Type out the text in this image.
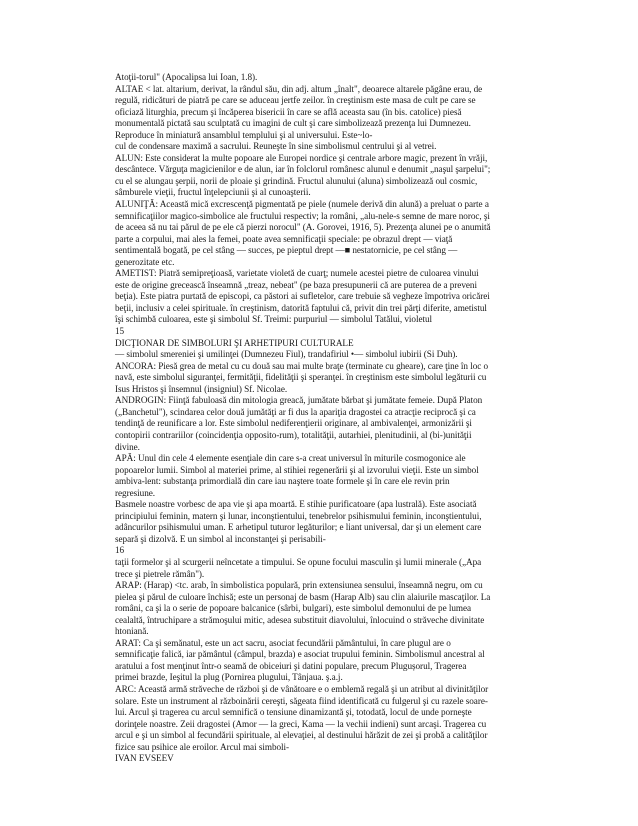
Atoţii-torul" (Apocalipsa lui Ioan, 1.8).

ALTAE < lat. altarium, derivat, la rândul său, din adj. altum „înalt", deoarece altarele păgâne erau, de

regulă, ridicături de piatră pe care se aduceau jertfe zeilor. în creştinism este masa de cult pe care se

oficiază liturghia, precum şi încăperea bisericii în care se află aceasta sau (în bis. catolice) piesă

monumentală pictată sau sculptată cu imagini de cult şi care simbolizează prezenţa lui Dumnezeu.

Reproduce în miniatură ansamblul templului şi al universului. Este~lo-

cul de condensare maximă a sacrului. Reuneşte în sine simbolismul centrului şi al vetrei.

ALUN: Este considerat la multe popoare ale Europei nordice şi centrale arbore magic, prezent în vrăji,

descântece. Vărguţa magicienilor e de alun, iar în folclorul românesc alunul e denumit „naşul şarpelui";

cu el se alungau şerpii, norii de ploaie şi grindină. Fructul alunului (aluna) simbolizează oul cosmic,

sâmburele vieţii, fructul înţelepciunii şi al cunoaşterii.

ALUNIŢĂ: Această mică excrescenţă pigmentată pe piele (numele derivă din alună) a preluat o parte a

semnificaţiilor magico-simbolice ale fructului respectiv; la români, „alu-nele-s semne de mare noroc, şi

de aceea să nu tai părul de pe ele că pierzi norocul" (A. Gorovei, 1916, 5). Prezenţa alunei pe o anumită

parte a corpului, mai ales la femei, poate avea semnificaţii speciale: pe obrazul drept — viaţă

sentimentală bogată, pe cel stâng — succes, pe pieptul drept —■ nestatornicie, pe cel stâng —

generozitate etc.

AMETIST: Piatră semipreţioasă, varietate violetă de cuarţ; numele acestei pietre de culoarea vinului

este de origine grecească înseamnă „treaz, nebeat" (pe baza presupunerii că are puterea de a preveni

beţia). Este piatra purtată de episcopi, ca păstori ai sufletelor, care trebuie să vegheze împotriva oricărei

beţii, inclusiv a celei spirituale. în creştinism, datorită faptului că, privit din trei părţi diferite, ametistul

îşi schimbă culoarea, este şi simbolul Sf. Treimi: purpuriul — simbolul Tatălui, violetul

15

DICŢIONAR DE SIMBOLURI ŞI ARHETIPURI CULTURALE

— simbolul smereniei şi umilinţei (Dumnezeu Fiul), trandafiriul •— simbolul iubirii (Si Duh).

ANCORA: Piesă grea de metal cu cu două sau mai multe braţe (terminate cu gheare), care ţine în loc o

navă, este simbolul siguranţei, fermităţii, fidelităţii şi speranţei. în creştinism este simbolul legăturii cu

Isus Hristos şi însemnul (insigniul) Sf. Nicolae.

ANDROGIN: Fiinţă fabuloasă din mitologia greacă, jumătate bărbat şi jumătate femeie. După Platon

(„Banchetul"), scindarea celor două jumătăţi ar fi dus la apariţia dragostei ca atracţie reciprocă şi ca

tendinţă de reunificare a lor. Este simbolul nediferenţierii originare, al ambivalenţei, armonizării şi

contopirii contrariilor (coincidenţia opposito-rum), totalităţii, autarhiei, plenitudinii, al (bi-)unităţii

divine.

APĂ: Unul din cele 4 elemente esenţiale din care s-a creat universul în miturile cosmogonice ale

popoarelor lumii. Simbol al materiei prime, al stihiei regenerării şi al izvorului vieţii. Este un simbol

ambiva-lent: substanţa primordială din care iau naştere toate formele şi în care ele revin prin

regresiune.

Basmele noastre vorbesc de apa vie şi apa moartă. E stihie purificatoare (apa lustrală). Este asociată

principiului feminin, matern şi lunar, inconştientului, tenebrelor psihismului feminin, inconştientului,

adâncurilor psihismului uman. E arhetipul tuturor legăturilor; e liant universal, dar şi un element care

separă şi dizolvă. E un simbol al inconstanţei şi perisabili-

16

taţii formelor şi al scurgerii neîncetate a timpului. Se opune focului masculin şi lumii minerale („Apa

trece şi pietrele rămân").

ARAP: (Harap) <tc. arab, în simbolistica populară, prin extensiunea sensului, înseamnă negru, om cu

pielea şi părul de culoare închisă; este un personaj de basm (Harap Alb) sau clin alaiurile mascaţilor. La

români, ca şi la o serie de popoare balcanice (sârbi, bulgari), este simbolul demonului de pe lumea

cealaltă, întruchipare a strămoşului mitic, adesea substituit diavolului, înlocuind o străveche divinitate

htoniană.

ARAT: Ca şi semănatul, este un act sacru, asociat fecundării pământului, în care plugul are o

semnificaţie falică, iar pământul (câmpul, brazda) e asociat trupului feminin. Simbolismul ancestral al

aratului a fost menţinut într-o seamă de obiceiuri şi datini populare, precum Plugușorul, Tragerea

primei brazde, Ieşitul la plug (Pornirea plugului, Tânjaua. ş.a.j.

ARC: Această armă străveche de război şi de vânătoare e o emblemă regală şi un atribut al divinităţilor

solare. Este un instrument al războinării cereşti, săgeata fiind identificată cu fulgerul şi cu razele soare-

lui. Arcul şi tragerea cu arcul semnifică o tensiune dinamizantă şi, totodată, locul de unde porneşte

dorinţele noastre. Zeii dragostei (Amor — la greci, Kama — la vechii indieni) sunt arcaşi. Tragerea cu

arcul e şi un simbol al fecundării spirituale, al elevaţiei, al destinului hărăzit de zei şi probă a calităţilor

fizice sau psihice ale eroilor. Arcul mai simboli-

IVAN EVSEEV
